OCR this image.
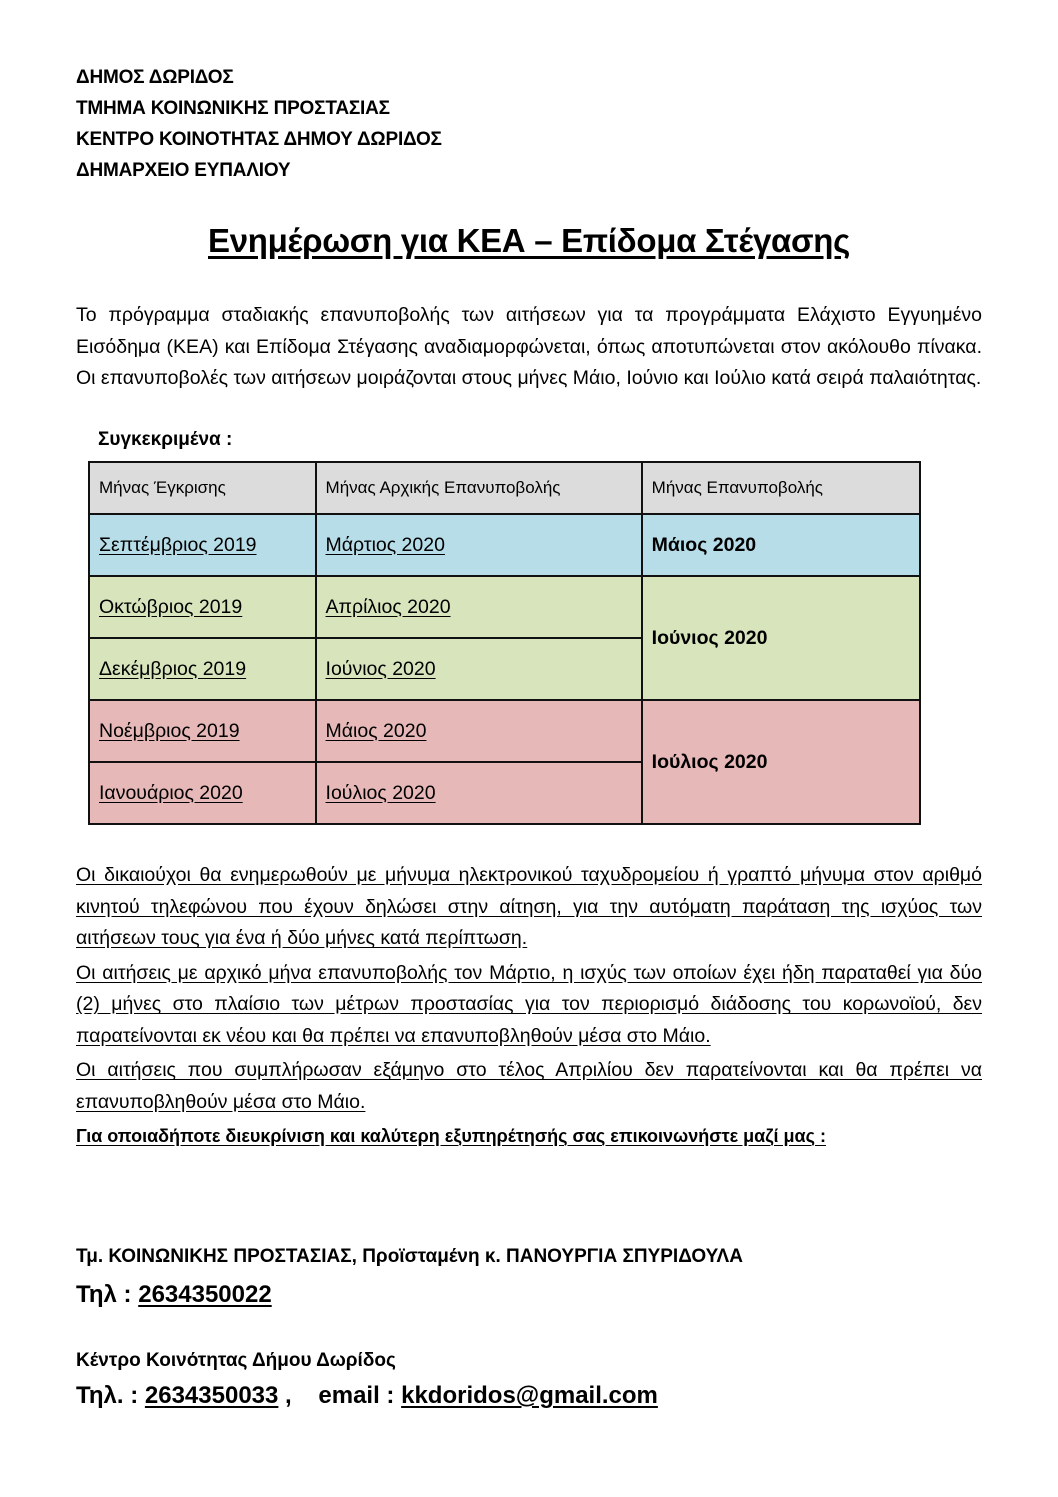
ΔΗΜΟΣ ΔΩΡΙΔΟΣ
ΤΜΗΜΑ ΚΟΙΝΩΝΙΚΗΣ ΠΡΟΣΤΑΣΙΑΣ
ΚΕΝΤΡΟ ΚΟΙΝΟΤΗΤΑΣ ΔΗΜΟΥ ΔΩΡΙΔΟΣ
ΔΗΜΑΡΧΕΙΟ ΕΥΠΑΛΙΟΥ
Ενημέρωση για ΚΕΑ – Επίδομα Στέγασης
Το πρόγραμμα σταδιακής επανυποβολής των αιτήσεων για τα προγράμματα Ελάχιστο Εγγυημένο Εισόδημα (ΚΕΑ) και Επίδομα Στέγασης αναδιαμορφώνεται, όπως αποτυπώνεται στον ακόλουθο πίνακα. Οι επανυποβολές των αιτήσεων μοιράζονται στους μήνες Μάιο, Ιούνιο και Ιούλιο κατά σειρά παλαιότητας.
Συγκεκριμένα :
Μήνας Έγκρισης	Μήνας Αρχικής Επανυποβολής	Μήνας Επανυποβολής
Σεπτέμβριος 2019	Μάρτιος 2020	Μάιος 2020
Οκτώβριος 2019	Απρίλιος 2020	Ιούνιος 2020
Δεκέμβριος 2019	Ιούνιος 2020	
Νοέμβριος 2019	Μάιος 2020	Ιούλιος 2020
Ιανουάριος 2020	Ιούλιος 2020	

Οι δικαιούχοι θα ενημερωθούν με μήνυμα ηλεκτρονικού ταχυδρομείου ή γραπτό μήνυμα στον αριθμό κινητού τηλεφώνου που έχουν δηλώσει στην αίτηση, για την αυτόματη παράταση της ισχύος των αιτήσεων τους για ένα ή δύο μήνες κατά περίπτωση.

Οι αιτήσεις με αρχικό μήνα επανυποβολής τον Μάρτιο, η ισχύς των οποίων έχει ήδη παραταθεί για δύο (2) μήνες στο πλαίσιο των μέτρων προστασίας για τον περιορισμό διάδοσης του κορωνοϊού, δεν παρατείνονται εκ νέου και θα πρέπει να επανυποβληθούν μέσα στο Μάιο.

Οι αιτήσεις που συμπλήρωσαν εξάμηνο στο τέλος Απριλίου δεν παρατείνονται και θα πρέπει να επανυποβληθούν μέσα στο Μάιο.

Για οποιαδήποτε διευκρίνιση και καλύτερη εξυπηρέτησής σας επικοινωνήστε μαζί μας :

Τμ. ΚΟΙΝΩΝΙΚΗΣ ΠΡΟΣΤΑΣΙΑΣ, Προϊσταμένη κ. ΠΑΝΟΥΡΓΙΑ ΣΠΥΡΙΔΟΥΛΑ
Τηλ : 2634350022
Κέντρο Κοινότητας Δήμου Δωρίδος
Τηλ. : 2634350033 ,    email : kkdoridos@gmail.com
